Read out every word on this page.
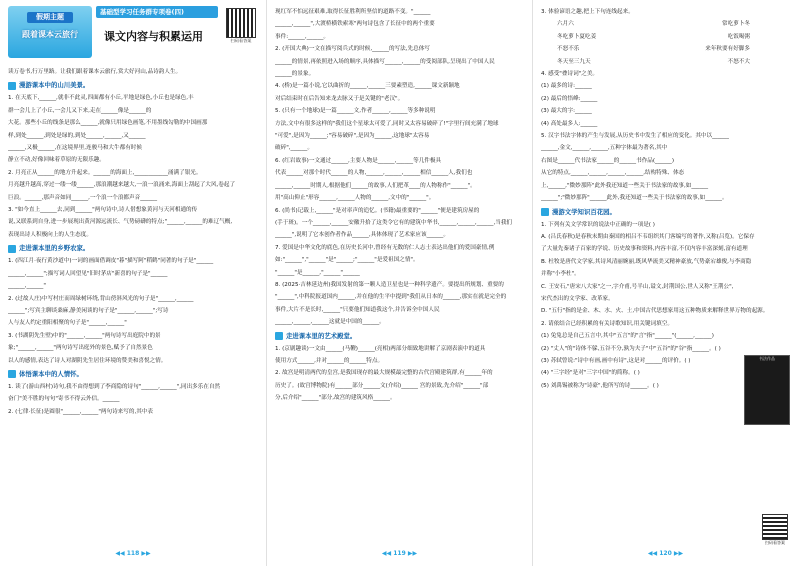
假期主题
跟着课本云旅行
基础型学习任务群专项卷(四)
课文内容与积累运用	扫码看答案
读万卷书,行万里路。让我们跟着课本云旅行,赏大好河山,品诗韵人生。
漫游课本中的山川美景。
1. 在天底下,______,就非不此灵,四面都有小丘,平地是绿色,小丘也是绿色,丰
群一会儿上了小丘,一会儿又下来,走在______像是______的
大花。那些小丘的线条是那么______,就像只用绿色画笔,不用墨线勾勒的中国画那
样,到处______,到处是绿的,到处______,______,又______
______,又极______,在这境界里,连骏马和大牛都有时候
静立不动,好像回味着草原的无限乐趣。
2. 月亮正从______的地方升起来。______的海面上,____________涌满了银光。
月亮越升越高,穿过一缕一缕______,那浪潮越来越大,一浪一浪涌来,海面上刮起了大风,卷起了
巨浪。______,那声音如同______,一个浪一个浪都声音______
3. "如今直上______去,同到______"两句诗中,诗人借想象黄河与天河相通的传
说,又联系到自身,进一步展现出黄河源远流长、气势磅礴的特点;"______,______的难辽气概,
表现出诗人积极向上的人生态度。
走进课本里的乡野农家。
1. (四江月·夜行黄沙道中)一词的画面借调皮"暮"描写阿"稻鹤"同著的句子是"______
______,______";描写词人回望见"旧时茅店"新喜的句子是"______
______,______"
2. (过故人庄)中写村庄而周绿树环绕,背山傍斜风光的句子是"______,______
______";写宾主聊谈桑麻,静美闲谈的句子是"______,______";写诗
人与友人约定重阳相聚的句子是"______,______"
3. (书湖阴先生壁)中的"______,______"两句诗写出庭院中的景
象;"______,______"两句诗写出庭外的景色,赋予了自然景色
以人的感情,表达了诗人对湖阴先生居住环境的赞美和喜悦之情。
体悟课本中的人情怀。
1. 读了(游山西村)诗句,我不由得想到了李商隐的诗句"______,______",同出多乐在自然
奋门"美不胜的句句"寄书不得云外信。______
2. (七律·长征)是圆很"______,______"两句诗来写的,其中表
◀◀ 118 ▶▶
现红军不怕远征艰难,取得长征胜利所坚信的道路不变。"______
______,______",大渡桥横铁索寒"两句诗包含了长征中的两个重要
事件:______,______。
2. (开国大典)一文在描写阅兵式的时候,______的写法,先总体写
______的情景,再依照进入场的顺序,具体描写______,______的受阅部队,呈现出了中国人民
______的景象。
4. (桥)是一篇小说,它以曲折的______,______三要素塑造,______课文新颖地
对后结束时在后告知来龙去脉又于是关键的"老汉"。
5. (只有一个地球)是一篇______文,作者______,______等多种说明
方法,文中有很多这样的"我们这个星球太可爱了,同时又太容易破碎了!"字里行间充满了地球
"可爱",是因为______;"容易破碎",是因为______,这地球"太容易
破碎",______。
6. (红岩故事)一文通过______,主要人物是______,______等几件极具
代表______对那个时代______的人物,______,______,______相信______人,我们也
______,______时期人,根据他们______的故事,人们把革____的人物称作"______"。
用"高山仰止"形容______,______人物的______,文中的"______"。
6. (尚书)记载上,______"是对率声的追忆。(书籍)最重要的"______"便是建筑房屋的
(手于斑)。一个______,______安徽升拾了这类令它有的建筑中华书,______,______,______,当我们
______",说明了它本创作者作品______,具体体现了艺术家应该______。
7. 爱国是中华文化的底色,在历史长河中,曾经有无数的仁人志士表达出他们的爱国豪情,例
如:"______","______"是"______;"______"是爱祖国之情"。
"______"是______,"______"______
8. (2025·吉林延边州)我国发射的第一颗人造卫星也是一种科学遗产。要提出所规划、重要的
"______",中科院报道国内______,并在他的生平中提到"我们从日本的______,那实在就是完全的
事件,大片不是长时,______"只要他们知道我这个,并告诉全中国人民
______,______,______这就是中国的______。
走进课本里的艺术殿堂。
1. (京剧趣谈)一文由______(马鞭)______(亮相)两部分细致地讲解了京剧表演中的道具
使用方式______,并对______的______特点。
2. 故宫是明清两代的皇宫,是我国现存的最大规模最完整的古代宫殿建筑群,有______年的
历史了。(故宫博物院)有______部分______文(介绍)______ 宫的景致,先介绍"______"部
分,后介绍"______"部分,故宫的建筑风格______。
◀◀ 119 ▶▶
3. 体验谚语之趣,把上下句连线起来。
六月六	常吃萝卜冬
冬吃萝卜夏吃姜	吃饭喝粥
不怒不乐	来年秋要有好脚多
冬天至三九天	不怒不大
4. 感受"叠诗词"之美。
(1) 最多的诗:______
(2) 最后的悟峰:______
(3) 最大的字:______
(4) 高处最多人:______
5. 汉字书法字体的产生与发展,从历史书中发生了相应的变化。其中以______
______,金文,______,______,五种字体最为著名,其中
右图是______代书法家______的______书作品(______)
从它的特点,______,______,______,______,结构特殊、体态
上,______,"微妙那阵"此外我还知道一些关于书法家的故事,如______
______";"微妙那阵"______此外,我还知道一些关于书法家的故事,如______。
书法作品
漫游文学知识百花园。
1. 下列有关文学常识的说法中正确的一项是( )
A. (吕氏春秋)是春秋末期由秦国的相吕不韦组织其门客编写的著作,又称(吕览)。它保存
了大量先秦诸子百家的学说、历史故事和资料,内容丰富,不仅内容丰富深刻,富有道理
B. 杜牧是唐代文学家,其诗风清丽婉丽,既风华流美又精神豪放,气势豪宕雄俊,与李商隐
并称"小李杜"。
C. 王安石,"唐宋八大家"之一,字介甫,号半山,谥文,封荆国公,世人又称"王荆公",
宋代杰出的文学家、改革家。
D. "五行"指的是金、木、水、火、土,中国古代思想家用这五种物质来解释世界万物的起源。
2. 请依结合已经积累的有关诗歌知识,用关键词填空。
(1) 兔兔总是自己五言中,其中"五言"的"言"指"______"(______,______)
(2) "丈人"的"诗体不躲,五谷不分,孰为夫子"中"五谷"的"谷"指______。( )
(3) 苏轼曾说:"诗中有画,画中有诗",这是对______的评价。( )
(4) "三字经"是对"三字中国"的简称。( )
(5) 刘禹锡被称为"诗豪",他所写的诗______。( )
扫码看答案
◀◀ 120 ▶▶
